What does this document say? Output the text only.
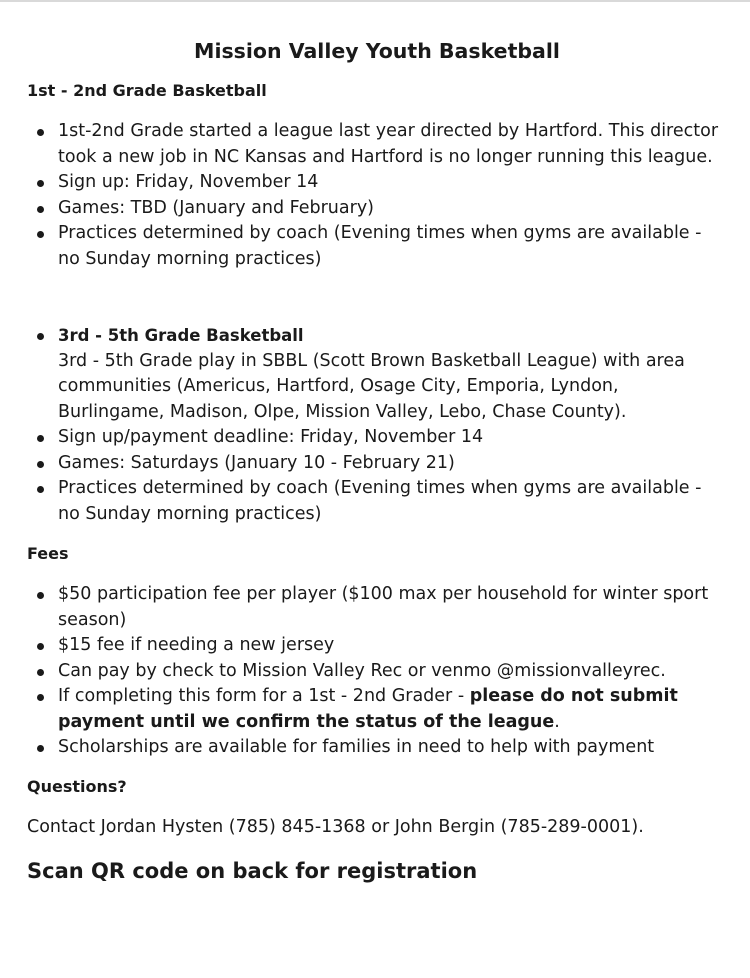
Mission Valley Youth Basketball
1st - 2nd Grade Basketball
1st-2nd Grade started a league last year directed by Hartford. This director took a new job in NC Kansas and Hartford is no longer running this league.
Sign up: Friday, November 14
Games: TBD (January and February)
Practices determined by coach (Evening times when gyms are available - no Sunday morning practices)
3rd - 5th Grade Basketball
3rd - 5th Grade play in SBBL (Scott Brown Basketball League) with area communities (Americus, Hartford, Osage City, Emporia, Lyndon, Burlingame, Madison, Olpe, Mission Valley, Lebo, Chase County).
Sign up/payment deadline: Friday, November 14
Games: Saturdays (January 10 - February 21)
Practices determined by coach (Evening times when gyms are available - no Sunday morning practices)
Fees
$50 participation fee per player ($100 max per household for winter sport season)
$15 fee if needing a new jersey
Can pay by check to Mission Valley Rec or venmo @missionvalleyrec.
If completing this form for a 1st - 2nd Grader - please do not submit payment until we confirm the status of the league.
Scholarships are available for families in need to help with payment
Questions?

Contact Jordan Hysten (785) 845-1368 or John Bergin (785-289-0001).

Scan QR code on back for registration
